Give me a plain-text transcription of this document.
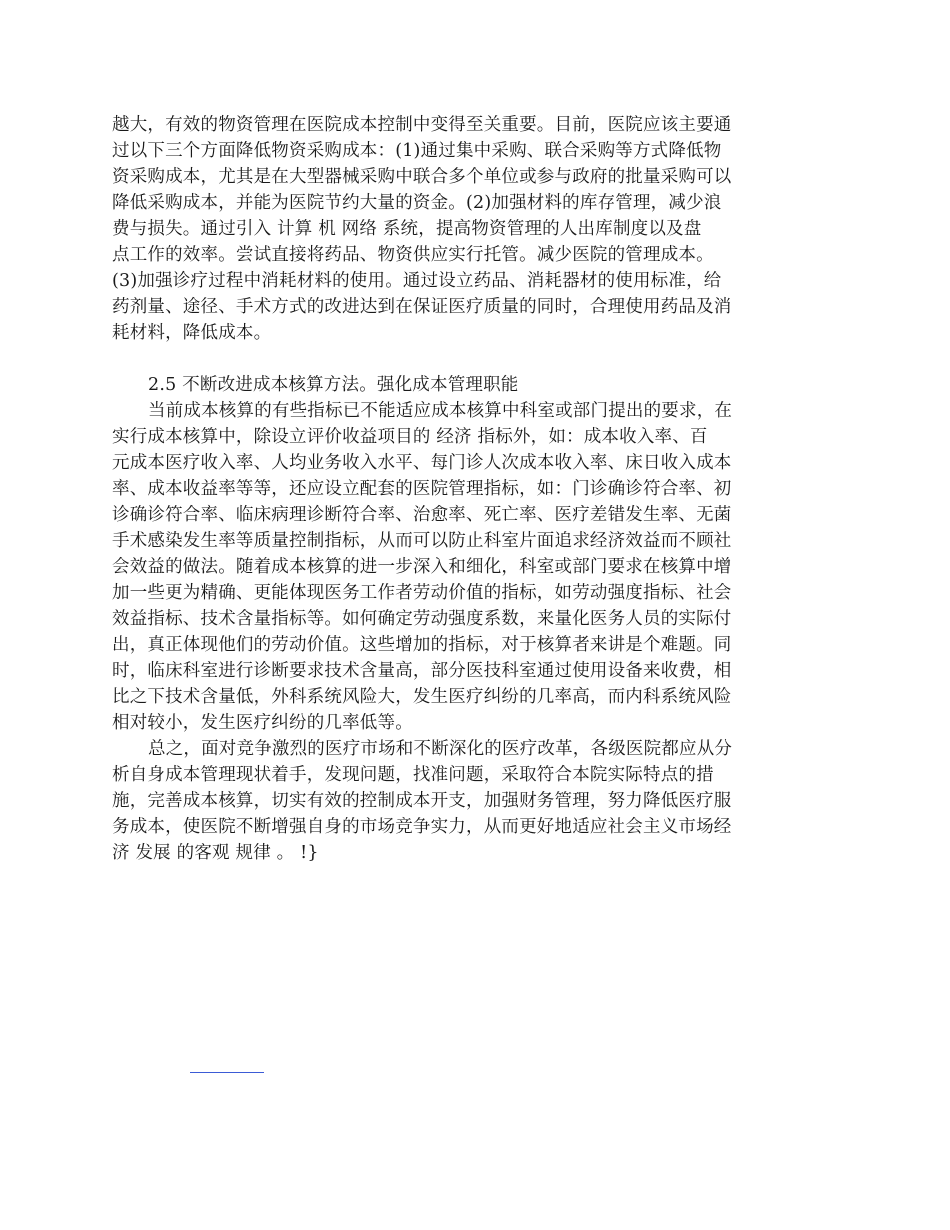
越大，有效的物资管理在医院成本控制中变得至关重要。目前，医院应该主要通
过以下三个方面降低物资采购成本：(1)通过集中采购、联合采购等方式降低物
资采购成本，尤其是在大型器械采购中联合多个单位或参与政府的批量采购可以
降低采购成本，并能为医院节约大量的资金。(2)加强材料的库存管理，减少浪
费与损失。通过引入 计算 机 网络 系统，提高物资管理的人出库制度以及盘
点工作的效率。尝试直接将药品、物资供应实行托管。减少医院的管理成本。
(3)加强诊疗过程中消耗材料的使用。通过设立药品、消耗器材的使用标准，给
药剂量、途径、手术方式的改进达到在保证医疗质量的同时，合理使用药品及消
耗材料，降低成本。
2.5 不断改进成本核算方法。强化成本管理职能
当前成本核算的有些指标已不能适应成本核算中科室或部门提出的要求，在
实行成本核算中，除设立评价收益项目的 经济 指标外，如：成本收入率、百
元成本医疗收入率、人均业务收入水平、每门诊人次成本收入率、床日收入成本
率、成本收益率等等，还应设立配套的医院管理指标，如：门诊确诊符合率、初
诊确诊符合率、临床病理诊断符合率、治愈率、死亡率、医疗差错发生率、无菌
手术感染发生率等质量控制指标，从而可以防止科室片面追求经济效益而不顾社
会效益的做法。随着成本核算的进一步深入和细化，科室或部门要求在核算中增
加一些更为精确、更能体现医务工作者劳动价值的指标，如劳动强度指标、社会
效益指标、技术含量指标等。如何确定劳动强度系数，来量化医务人员的实际付
出，真正体现他们的劳动价值。这些增加的指标，对于核算者来讲是个难题。同
时，临床科室进行诊断要求技术含量高，部分医技科室通过使用设备来收费，相
比之下技术含量低，外科系统风险大，发生医疗纠纷的几率高，而内科系统风险
相对较小，发生医疗纠纷的几率低等。
总之，面对竞争激烈的医疗市场和不断深化的医疗改革，各级医院都应从分
析自身成本管理现状着手，发现问题，找准问题，采取符合本院实际特点的措
施，完善成本核算，切实有效的控制成本开支，加强财务管理，努力降低医疗服
务成本，使医院不断增强自身的市场竞争实力，从而更好地适应社会主义市场经
济 发展 的客观 规律 。 !}
